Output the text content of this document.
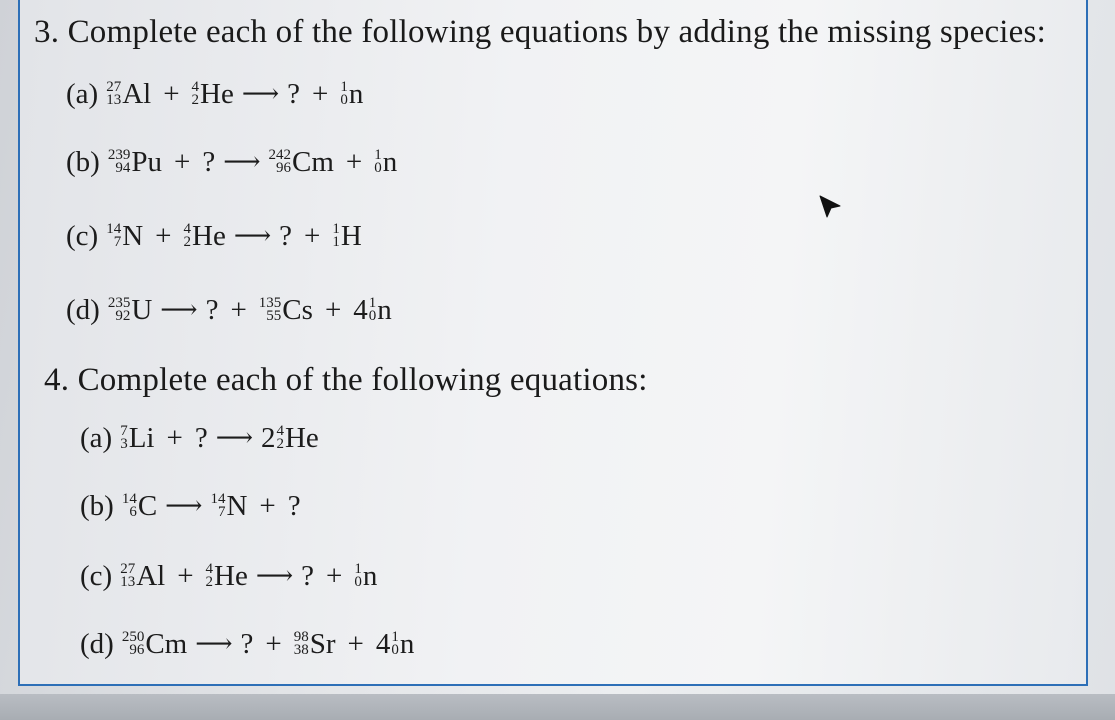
3. Complete each of the following equations by adding the missing species:
(a) 27
13 Al + 4
2 He ⟶ ? + 1
0 n
(b) 239
94 Pu + ? ⟶ 242
96 Cm + 1
0 n
(c) 14
7 N + 4
2 He ⟶ ? + 1
1 H
(d) 235
92 U ⟶ ? + 135
55 Cs + 4 1
0 n
4. Complete each of the following equations:
(a) 7
3 Li + ? ⟶ 2 4
2 He
(b) 14
6 C ⟶ 14
7 N + ?
(c) 27
13 Al + 4
2 He ⟶ ? + 1
0 n
(d) 250
96 Cm ⟶ ? + 98
38 Sr + 4 1
0 n
